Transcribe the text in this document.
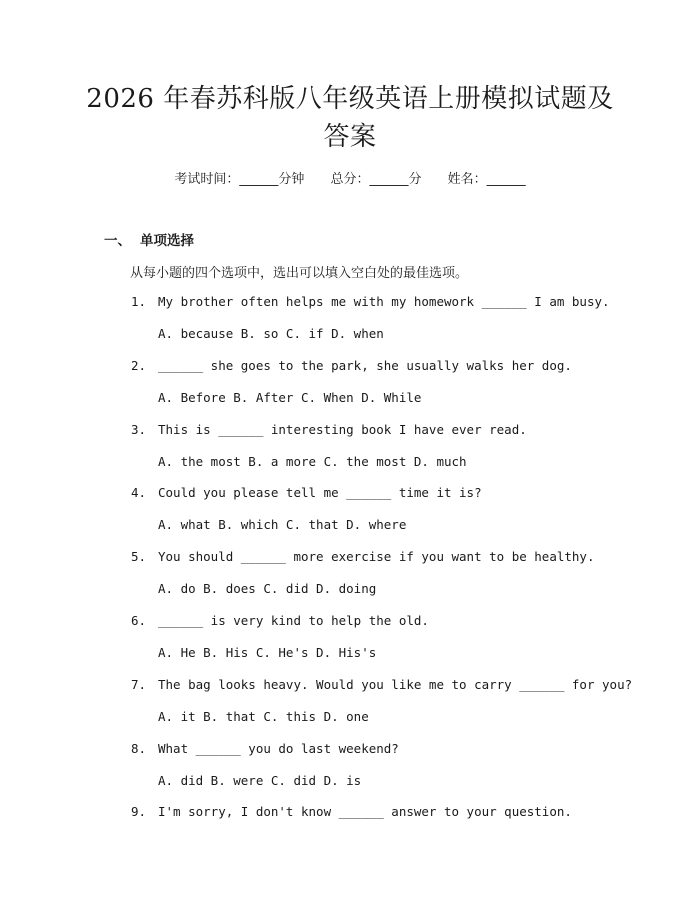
2026 年春苏科版八年级英语上册模拟试题及
答案
考试时间：______分钟 总分：______分 姓名：______
一、 单项选择
从每小题的四个选项中，选出可以填入空白处的最佳选项。
1. My brother often helps me with my homework ______ I am busy.
A. because B. so C. if D. when
2. ______ she goes to the park, she usually walks her dog.
A. Before B. After C. When D. While
3. This is ______ interesting book I have ever read.
A. the most B. a more C. the most D. much
4. Could you please tell me ______ time it is?
A. what B. which C. that D. where
5. You should ______ more exercise if you want to be healthy.
A. do B. does C. did D. doing
6. ______ is very kind to help the old.
A. He B. His C. He's D. His's
7. The bag looks heavy. Would you like me to carry ______ for you?
A. it B. that C. this D. one
8. What ______ you do last weekend?
A. did B. were C. did D. is
9. I'm sorry, I don't know ______ answer to your question.
